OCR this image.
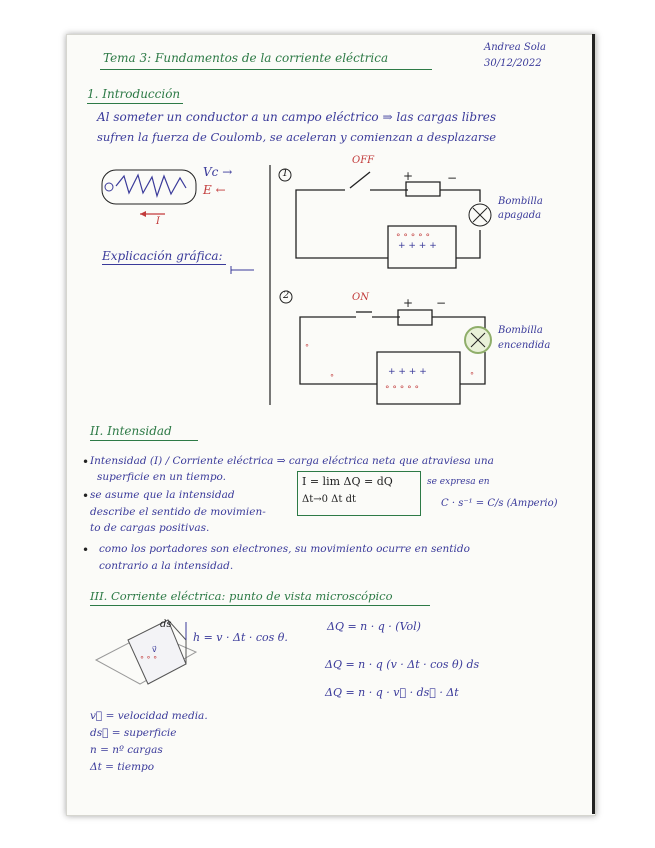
Tema 3: Fundamentos de la corriente eléctrica
Andrea Sola
30/12/2022
1. Introducción
Al someter un conductor a un campo eléctrico ⇒ las cargas libres
sufren la fuerza de Coulomb, se aceleran y comienzan a desplazarse
Vc →
E ←
I
Explicación gráfica:
+ + + +
° ° ° ° °
+ + + +
° ° ° ° °
°
°	°
1
2
OFF
ON
+	−
+ −
Bombilla
apagada
Bombilla
encendida
II. Intensidad
• Intensidad (I) / Corriente eléctrica ⇒ carga eléctrica neta que atraviesa una
superficie en un tiempo.
• se asume que la intensidad
describe el sentido de movimien-
to de cargas positivas.
I = lim ΔQ = dQ
Δt→0 Δt dt
se expresa en
C · s⁻¹ = C/s (Amperio)
• como los portadores son electrones, su movimiento ocurre en sentido
contrario a la intensidad.
III. Corriente eléctrica: punto de vista microscópico
° ° °
v⃗
ds
h = v · Δt · cos θ.
ΔQ = n · q · (Vol)
ΔQ = n · q (v · Δt · cos θ) ds
ΔQ = n · q · v⃗ · ds⃗ · Δt
v⃗ = velocidad media.
ds⃗ = superficie
n = nº cargas
Δt = tiempo
